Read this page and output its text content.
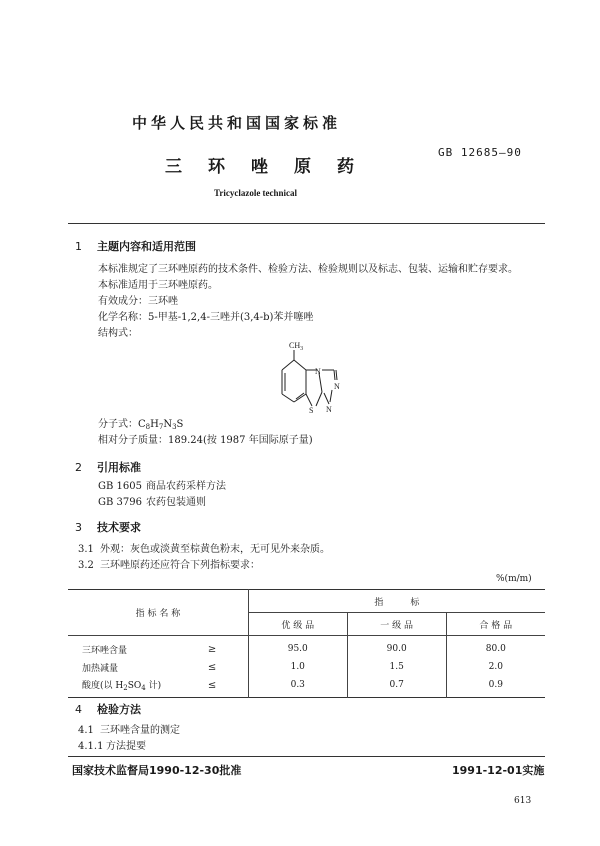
中华人民共和国国家标准
三环唑原药
GB 12685—90
Tricyclazole technical
1 主题内容和适用范围
本标准规定了三环唑原药的技术条件、检验方法、检验规则以及标志、包装、运输和贮存要求。
本标准适用于三环唑原药。
有效成分：三环唑
化学名称：5-甲基-1,2,4-三唑并(3,4-b)苯并噻唑
结构式：
$CH_3$
N
N
N
S
分子式：$C_8H_7N_3S$
相对分子质量：189.24(按 1987 年国际原子量)
2 引用标准
GB 1605 商品农药采样方法
GB 3796 农药包装通则
3 技术要求
3.1 外观：灰色或淡黄至棕黄色粉末，无可见外来杂质。
3.2 三环唑原药还应符合下列指标要求：
%(m/m)
指 标 名 称		指　　　标		
		优 级 品	一 级 品	合 格 品
三环唑含量	≥	95.0	90.0	80.0
加热减量	≤	1.0	1.5	2.0
酸度(以 $H_2SO_4$ 计)	≤	0.3	0.7	0.9
4 检验方法
4.1 三环唑含量的测定
4.1.1 方法提要
国家技术监督局1990-12-30批准	1991-12-01实施
613
